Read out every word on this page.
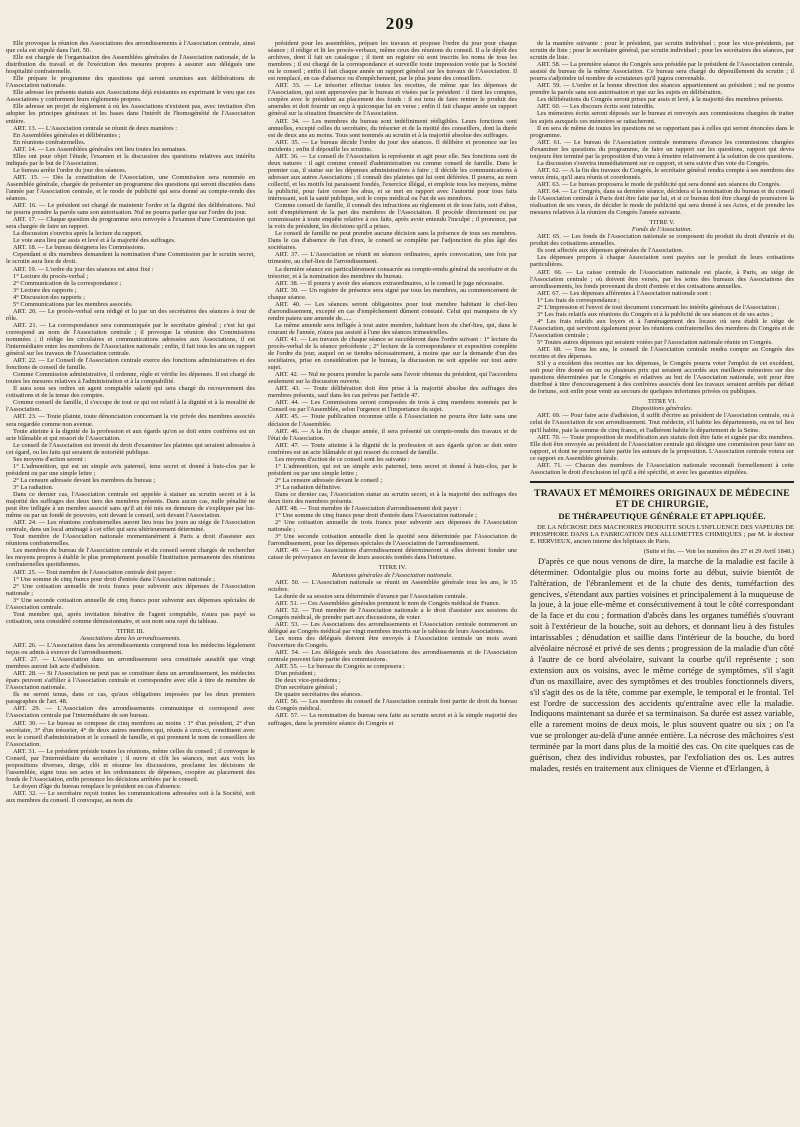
209

Elle provoque la réunion des Associations des arrondissements à l'Association centrale, ainsi que cela est stipulé dans l'art. 50.

Elle est chargée de l'organisation des Assemblées générales de l'Association nationale, de la distribution du travail et de l'exécution des mesures propres à assurer aux délégués une hospitalité confraternelle.

Elle prépare le programme des questions qui seront soumises aux délibérations de l'Association nationale.

Elle adresse les présents statuts aux Associations déjà existantes en exprimant le vœu que ces Associations y conforment leurs règlements propres.

Elle adresse un projet de règlement à où les Associations n'existent pas, avec invitation d'en adopter les principes généraux et les bases dans l'intérêt de l'homogénéité de l'Association entière.

ART. 13. — L'Association centrale se réunit de deux manières :

En Assemblées générales et délibérantes ;

En réunions confraternelles.

ART. 14. — Les Assemblées générales ont lieu toutes les semaines.

Elles ont pour objet l'étude, l'examen et la discussion des questions relatives aux intérêts indiqués par le but de l'Association.

Le bureau arrête l'ordre du jour des séances.

ART. 15. — Dès la constitution de l'Association, une Commission sera nommée en Assemblée générale, chargée de présenter un programme des questions qui seront discutées dans l'année par l'Association centrale, et le mode de publicité qui sera donné au compte-rendu des séances.

ART. 16. — Le président est chargé de maintenir l'ordre et la dignité des délibérations. Nul ne pourra prendre la parole sans son autorisation. Nul ne pourra parler que sur l'ordre du jour.

ART. 17. — Chaque question du programme sera renvoyée à l'examen d'une Commission qui sera chargée de faire un rapport.

La discussion s'ouvrira après la lecture du rapport.

Le vote aura lieu par assis et levé et à la majorité des suffrages.

ART. 18. — Le bureau désignera les Commissions.

Cependant si dix membres demandent la nomination d'une Commission par le scrutin secret, le scrutin aura lieu de droit.

ART. 19. — L'ordre du jour des séances est ainsi fixé :

1° Lecture du procès-verbal ;

2° Communication de la correspondance ;

3° Lecture des rapports ;

4° Discussion des rapports ;

5° Communications par les membres associés.

ART. 20. — Le procès-verbal sera rédigé et lu par un des secrétaires des séances à tour de rôle.

ART. 21. — La correspondance sera communiquée par le secrétaire général ; c'est lui qui correspond au nom de l'Association centrale ; il provoque la réunion des Commissions nommées ; il rédige les circulaires et communications adressées aux Associations, il est l'intermédiaire entre les membres de l'Association nationale ; enfin, il fait tous les ans un rapport général sur les travaux de l'Association centrale.

ART. 22. — Le Conseil de l'Association centrale exerce des fonctions administratives et des fonctions de conseil de famille.

Comme Commission administrative, il ordonne, règle et vérifie les dépenses. Il est chargé de toutes les mesures relatives à l'administration et à la comptabilité.

Il aura sous ses ordres un agent comptable salarié qui sera chargé du recouvrement des cotisations et de la tenue des comptes.

Comme conseil de famille, il s'occupe de tout ce qui est relatif à la dignité et à la moralité de l'Association.

ART. 23. — Toute plainte, toute dénonciation concernant la vie privée des membres associés sera regardée comme non avenue.

Toute atteinte à la dignité de la profession et aux égards qu'on se doit entre confrères est un acte blâmable et qui ressort de l'Association.

Le conseil de l'Association est investi du droit d'examiner les plaintes qui seraient adressées à cet égard, ou les faits qui seraient de notoriété publique.

Ses moyens d'action seront :

1° L'admonition, qui est un simple avis paternel, tenu secret et donné à huis-clos par le président ou par une simple lettre ;

2° La censure adressée devant les membres du bureau ;

3° La radiation.

Dans ce dernier cas, l'Association centrale est appelée à statuer au scrutin secret et à la majorité des suffrages des deux tiers des membres présents. Dans aucun cas, nulle pénalité ne peut être infligée à un membre associé sans qu'il ait été mis en demeure de s'expliquer par lui-même ou par un fondé de pouvoirs, soit devant le conseil, soit devant l'Association.

ART. 24. — Les réunions confraternelles auront lieu tous les jours au siége de l'Association centrale, dans un local aménagé à cet effet qui sera ultérieurement déterminé.

Tout membre de l'Association nationale momentanément à Paris a droit d'assister aux réunions confraternelles.

Les membres du bureau de l'Association centrale et du conseil seront chargés de rechercher les moyens propres à établir le plus promptement possible l'institution permanente des réunions confraternelles quotidiennes.

ART. 25. — Tout membre de l'Association centrale doit payer :

1° Une somme de cinq francs pour droit d'entrée dans l'Association nationale ;

2° Une cotisation annuelle de trois francs pour subvenir aux dépenses de l'Association nationale ;

3° Une seconde cotisation annuelle de cinq francs pour subvenir aux dépenses spéciales de l'Association centrale.

Tout membre qui, après invitation itérative de l'agent comptable, n'aura pas payé sa cotisation, sera considéré comme démissionnaire, et son nom sera rayé du tableau.

TITRE III.

Associations dans les arrondissements.

ART. 26. — L'Association dans les arrondissements comprend tous les médecins légalement reçus ou admis à exercer de l'arrondissement.

ART. 27. — L'Association dans un arrondissement sera constituée aussitôt que vingt membres auront fait acte d'adhésion.

ART. 28. — Si l'Association ne peut pas se constituer dans un arrondissement, les médecins épars peuvent s'affilier à l'Association centrale et correspondre avec elle à titre de membre de l'Association nationale.

Ils ne seront tenus, dans ce cas, qu'aux obligations imposées par les deux premiers paragraphes de l'art. 48.

ART. 29. — L'Association des arrondissements communique et correspond avec l'Association centrale par l'intermédiaire de son bureau.

ART. 30. — Le bureau se compose de cinq membres au moins : 1° d'un président, 2° d'un secrétaire, 3° d'un trésorier, 4° de deux autres membres qui, réunis à ceux-ci, constituent avec eux le conseil d'administration et le conseil de famille, et qui prennent le nom de conseillers de l'Association.

ART. 31. — Le président préside toutes les réunions, même celles du conseil ; il convoque le Conseil, par l'intermédiaire du secrétaire ; il ouvre et clôt les séances, met aux voix les propositions diverses, dirige, clôt et résume les discussions, proclame les décisions de l'assemblée, signe tous ses actes et les ordonnances de dépenses, coopère au placement des fonds de l'Association, enfin prononce les décisions arrêtées par le conseil.

Le doyen d'âge du bureau remplace le président en cas d'absence.

ART. 32. — Le secrétaire reçoit toutes les communications adressées soit à la Société, soit aux membres du conseil. Il convoque, au nom du

président pour les assemblées, prépare les travaux et propose l'ordre du jour pour chaque séance ; il rédige et lit les procès-verbaux, même ceux des réunions du conseil. Il a le dépôt des archives, dont il fait un catalogue ; il tient un registre où sont inscrits les noms de tous les membres ; il est chargé de la correspondance et surveille toute impression votée par la Société ou le conseil ; enfin il fait chaque année un rapport général sur les travaux de l'Association. Il est remplacé, en cas d'absence ou d'empêchement, par le plus jeune des conseillers.

ART. 33. — Le trésorier effectue toutes les recettes, de même que les dépenses de l'Association, qui sont approuvées par le bureau et visées par le président : il tient les comptes, coopère avec le président au placement des fonds : il est tenu de faire rentrer le produit des amendes et doit fournir un reçu à quiconque lui en verse ; enfin il fait chaque année un rapport général sur la situation financière de l'Association.

ART. 34. — Les membres du bureau sont indéfiniment rééligibles. Leurs fonctions sont annuelles, excepté celles du secrétaire, du trésorier et de la moitié des conseillers, dont la durée est de deux ans au moins. Tous sont nommés au scrutin et à la majorité absolue des suffrages.

ART. 35. — Le bureau décide l'ordre du jour des séances. Il délibère et prononce sur les incidents ; enfin il dépouille les scrutins.

ART. 36. — Le conseil de l'Association la représente et agit pour elle. Ses fonctions sont de deux natures : il agit comme conseil d'administration ou comme conseil de famille. Dans le premier cas, il statue sur les dépenses administratives à faire ; il décide les communications à adresser aux autres Associations ; il connaît des plaintes qui lui sont déférées. Il pourra, au nom collectif, et les motifs lui paraissent fondés, l'exercice illégal, et emploie tous les moyens, même la publicité, pour faire cesser les abus, et se met en rapport avec l'autorité pour tous faits intéressant, soit la santé publique, soit le corps médical ou l'un de ses membres.

Comme conseil de famille, il connaît des infractions au règlement et de tous faits, soit d'abus, soit d'empiétement de la part des membres de l'Association. Il procède directement ou par commissaire à toute enquête relative à ces faits, après avoir entendu l'inculpé ; il prononce, par la voix du président, les décisions qu'il a prises.

Le conseil de famille ne peut prendre aucune décision sans la présence de tous ses membres. Dans le cas d'absence de l'un d'eux, le conseil se complète par l'adjonction du plus âgé des sociétaires.

ART. 37. — L'Association se réunit en séances ordinaires, après convocation, une fois par trimestre, au chef-lieu de l'arrondissement.

La dernière séance est particulièrement consacrée au compte-rendu général du secrétaire et du trésorier, et à la nomination des membres du bureau.

ART. 38. — Il pourra y avoir des séances extraordinaires, si le conseil le juge nécessaire.

ART. 39. — Un registre de présence sera signé par tous les membres, au commencement de chaque séance.

ART. 40. — Les séances seront obligatoires pour tout membre habitant le chef-lieu d'arrondissement, excepté en cas d'empêchement dûment constaté. Celui qui manquera de s'y rendre paiera une amende de......

La même amende sera infligée à tout autre membre, habitant hors du chef-lieu, qui, dans le courant de l'année, n'aura pas assisté à l'une des séances trimestrielles.

ART. 41. — Les travaux de chaque séance se succéderont dans l'ordre suivant : 1° lecture du procès-verbal de la séance précédente ; 2° lecture de la correspondance et exposition complète de l'ordre du jour, auquel on se tiendra nécessairement, à moins que sur la demande d'un des sociétaires, prise en considération par le bureau, la discussion ne soit appelée sur tout autre sujet.

ART. 42. — Nul ne pourra prendre la parole sans l'avoir obtenue du président, qui l'accordera seulement sur la discussion ouverte.

ART. 43. — Toute délibération doit être prise à la majorité absolue des suffrages des membres présents, sauf dans les cas prévus par l'article 47.

ART. 44. — Les Commissions seront composées de trois à cinq membres nommés par le Conseil ou par l'Assemblée, selon l'urgence et l'importance du sujet.

ART. 45. — Toute publication reconnue utile à l'Association ne pourra être faite sans une décision de l'Assemblée.

ART. 46. — A la fin de chaque année, il sera présenté un compte-rendu des travaux et de l'état de l'Association.

ART. 47. — Toute atteinte à la dignité de la profession et aux égards qu'on se doit entre confrères est un acte blâmable et qui ressort du conseil de famille.

Les moyens d'action de ce conseil sont les suivants :

1° L'admonition, qui est un simple avis paternel, tenu secret et donné à huis-clos, par le président ou par une simple lettre ;

2° La censure adressée devant le conseil ;

3° La radiation définitive.

Dans ce dernier cas, l'Association statue au scrutin secret, et à la majorité des suffrages des deux tiers des membres présents.

ART. 48. — Tout membre de l'Association d'arrondissement doit payer :

1° Une somme de cinq francs pour droit d'entrée dans l'Association nationale ;

2° Une cotisation annuelle de trois francs pour subvenir aux dépenses de l'Association nationale ;

3° Une seconde cotisation annuelle dont la quotité sera déterminée par l'Association de l'arrondissement, pour les dépenses spéciales de l'Association de l'arrondissement.

ART. 49. — Les Associations d'arrondissement détermineront si elles doivent fonder une caisse de prévoyance en faveur de leurs associés tombés dans l'infortune.

TITRE IV.

Réunions générales de l'Association nationale.

ART. 50. — L'Association nationale se réunit en Assemblée générale tous les ans, le 15 octobre.

La durée de sa session sera déterminée d'avance par l'Association centrale.

ART. 51. — Ces Assemblées générales prennent le nom de Congrès médical de France.

ART. 52. — Tout membre de l'Association nationale a le droit d'assister aux sessions du Congrès médical, de prendre part aux discussions, de voter.

ART. 53. — Les Associations des arrondissements et l'Association centrale nommeront un délégué au Congrès médical par vingt membres inscrits sur le tableau de leurs Associations.

Les noms des délégués doivent être envoyés à l'Association centrale un mois avant l'ouverture du Congrès.

ART. 54. — Les délégués seuls des Associations des arrondissements et de l'Association centrale peuvent faire partie des commissions.

ART. 55. — Le bureau du Congrès se composera :

D'un président ;

De deux vice-présidents ;

D'un secrétaire général ;

De quatre secrétaires des séances.

ART. 56. — Les membres du conseil de l'Association centrale font partie de droit du bureau du Congrès médical.

ART. 57. — La nomination du bureau sera faite au scrutin secret et à la simple majorité des suffrages, dans la première séance du Congrès et

de la manière suivante : pour le président, par scrutin individuel ; pour les vice-présidents, par scrutin de liste ; pour le secrétaire général, par scrutin individuel ; pour les secrétaires des séances, par scrutin de liste.

ART. 58. — La première séance du Congrès sera présidée par le président de l'Association centrale, assisté du bureau de la même Association. Ce bureau sera chargé du dépouillement du scrutin ; il pourra s'adjoindre tel nombre de scrutateurs qu'il jugera convenable.

ART. 59. — L'ordre et la bonne direction des séances appartiennent au président ; nul ne pourra prendre la parole sans son autorisation et que sur les sujets en délibération.

Les délibérations du Congrès seront prises par assis et levé, à la majorité des membres présents.

ART. 60. — Les discours écrits sont interdits.

Les mémoires écrits seront déposés sur le bureau et renvoyés aux commissions chargées de traiter les sujets auxquels ces mémoires se rattacheront.

Il en sera de même de toutes les questions ne se rapportant pas à celles qui seront énoncées dans le programme.

ART. 61. — Le bureau de l'Association centrale nommera d'avance les commissions chargées d'examiner les questions du programme, de faire un rapport sur les questions, rapport qui devra toujours être terminé par la proposition d'un vœu à émettre relativement à la solution de ces questions.

La discussion s'ouvrira immédiatement sur ce rapport, et sera suivie d'un vote du Congrès.

ART. 62. — A la fin des travaux du Congrès, le secrétaire général rendra compte à ses membres des vœux émis, qu'il aura réunis et coordonnés.

ART. 63. — Le bureau proposera le mode de publicité qui sera donné aux séances du Congrès.

ART. 64. — Le Congrès, dans sa dernière séance, décidera si la nomination du bureau et du conseil de l'Association centrale à Paris doit être faite par lui, et si ce bureau doit être chargé de poursuivre la réalisation de ses vœux, de décider le mode de publicité qui sera donné à ses Actes, et de prendre les mesures relatives à la réunion du Congrès l'année suivante.

TITRE V.

Fonds de l'Association.

ART. 65. — Les fonds de l'Association nationale se composent du produit du droit d'entrée et du produit des cotisations annuelles.

Ils sont affectés aux dépenses générales de l'Association.

Les dépenses propres à chaque Association sont payées sur le produit de leurs cotisations particulières.

ART. 66. — La caisse centrale de l'Association nationale est placée, à Paris, au siége de l'Association centrale ; où doivent être versés, par les soins des bureaux des Associations des arrondissements, les fonds provenant du droit d'entrée et des cotisations annuelles.

ART. 67. — Les dépenses afférentes à l'Association nationale sont :

1° Les frais de correspondance ;

2° L'impression et l'envoi de tout document concernant les intérêts généraux de l'Association ;

3° Les frais relatifs aux réunions du Congrès et à la publicité de ses séances et de ses actes ;

4° Les frais relatifs aux loyers et à l'aménagement des locaux où sera établi le siége de l'Association, qui serviront également pour les réunions confraternelles des membres du Congrès et de l'Association centrale ;

5° Toutes autres dépenses qui seraient votées par l'Association nationale réunie en Congrès.

ART. 68. — Tous les ans, le conseil de l'Association centrale rendra compte au Congrès des recettes et des dépenses.

S'il y a excédent des recettes sur les dépenses, le Congrès pourra voter l'emploi de cet excédent, soit pour être donné en un ou plusieurs prix qui seraient accordés aux meilleurs mémoires sur des questions déterminées par le Congrès et relatives au but de l'Association nationale, soit pour être distribué à titre d'encouragement à des confrères associés dont les travaux seraient arrêtés par défaut de fortune, soit enfin pour venir au secours de quelques infortunes privées ou publiques.

TITRE VI.

Dispositions générales.

ART. 69. — Pour faire acte d'adhésion, il suffit d'écrire au président de l'Association centrale, ou à celui de l'Association de son arrondissement. Tout médecin, s'il habite les départements, ou en tel lieu qu'il habite, paie la somme de cinq francs, et l'adhérent habite le département de la Seine.

ART. 70. — Toute proposition de modification aux statuts doit être faite et signée par dix membres. Elle doit être envoyée au président de l'Association centrale qui désigne une commission pour faire un rapport, et dont ne pourront faire partie les auteurs de la proposition. L'Association centrale votera sur ce rapport en Assemblée générale.

ART. 71. — Chacun des membres de l'Association nationale reconnaît formellement à cette Association le droit d'exclusion tel qu'il a été spécifié, et avec les garanties stipulées.

TRAVAUX ET MÉMOIRES ORIGINAUX DE MÉDECINE

ET DE CHIRURGIE,

DE THÉRAPEUTIQUE GÉNÉRALE ET APPLIQUÉE.

DE LA NÉCROSE DES MACHOIRES PRODUITE SOUS L'INFLUENCE DES VAPEURS DE PHOSPHORE DANS LA FABRICATION DES ALLUMETTES CHIMIQUES ; par M. le docteur E. HERVIEUX, ancien interne des hôpitaux de Paris.

(Suite et fin. — Voir les numéros des 27 et 29 Avril 1848.)

D'après ce que nous venons de dire, la marche de la maladie est facile à déterminer. Odontalgie plus ou moins forte au début, suivie bientôt de l'altération, de l'ébranlement et de la chute des dents, tuméfaction des gencives, s'étendant aux parties voisines et principalement à la muqueuse de la joue, à la joue elle-même et consécutivement à tout le côté correspondant de la face et du cou ; formation d'abcès dans les organes tuméfiés s'ouvrant soit à l'extérieur de la bouche, soit au dehors, et donnant lieu à des fistules intarissables ; dénudation et saillie dans l'intérieur de la bouche, du bord alvéolaire nécrosé et privé de ses dents ; progression de la maladie d'un côté à l'autre de ce bord alvéolaire, suivant la courbe qu'il représente ; son extension aux os voisins, avec le même cortége de symptômes, s'il s'agit d'un os maxillaire, avec des symptômes et des troubles fonctionnels divers, s'il s'agit des os de la tête, comme par exemple, le temporal et le frontal. Tel est l'ordre de succession des accidents qu'entraîne avec elle la maladie. Indiquons maintenant sa durée et sa terminaison. Sa durée est assez variable, elle a rarement moins de deux mois, le plus souvent quatre ou six ; on l'a vue se prolonger au-delà d'une année entière. La nécrose des mâchoires s'est terminée par la mort dans plus de la moitié des cas. On cite quelques cas de guérison, chez des individus robustes, par l'exfoliation des os. Les autres malades, restés en traitement aux cliniques de Vienne et d'Erlangen, à
